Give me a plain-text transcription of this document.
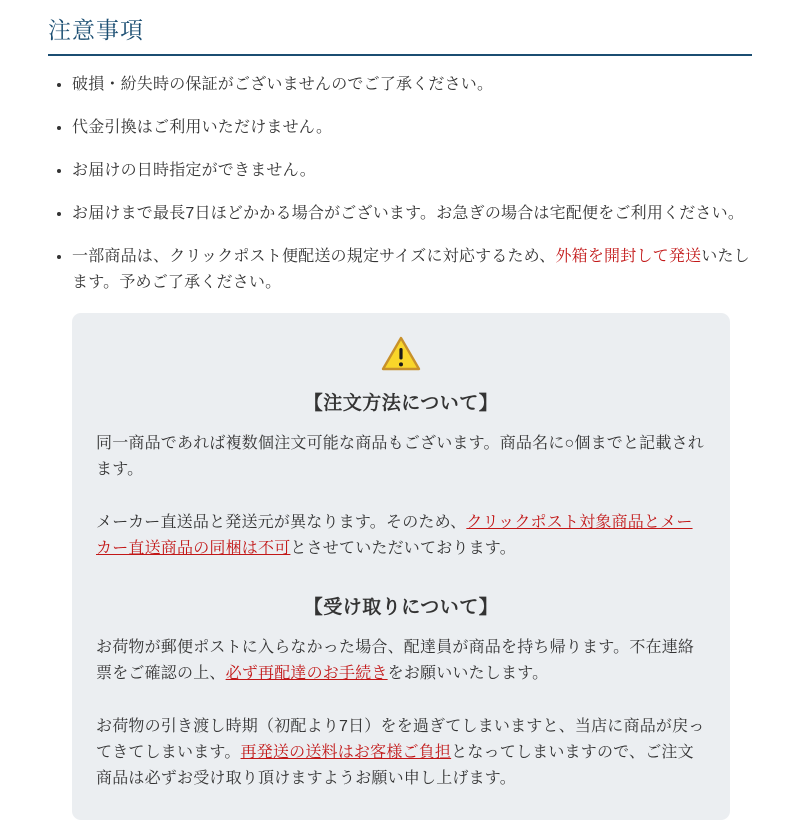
注意事項
• 破損・紛失時の保証がございませんのでご了承ください。
• 代金引換はご利用いただけません。
• お届けの日時指定ができません。
• お届けまで最長7日ほどかかる場合がございます。お急ぎの場合は宅配便をご利用ください。
• 一部商品は、クリックポスト便配送の規定サイズに対応するため、外箱を開封して発送いたします。予めご了承ください。
【注文方法について】

同一商品であれば複数個注文可能な商品もございます。商品名に○個までと記載されます。

メーカー直送品と発送元が異なります。そのため、クリックポスト対象商品とメーカー直送商品の同梱は不可とさせていただいております。

【受け取りについて】

お荷物が郵便ポストに入らなかった場合、配達員が商品を持ち帰ります。不在連絡票をご確認の上、必ず再配達のお手続きをお願いいたします。

お荷物の引き渡し時期（初配より7日）をを過ぎてしまいますと、当店に商品が戻ってきてしまいます。再発送の送料はお客様ご負担となってしまいますので、ご注文商品は必ずお受け取り頂けますようお願い申し上げます。
